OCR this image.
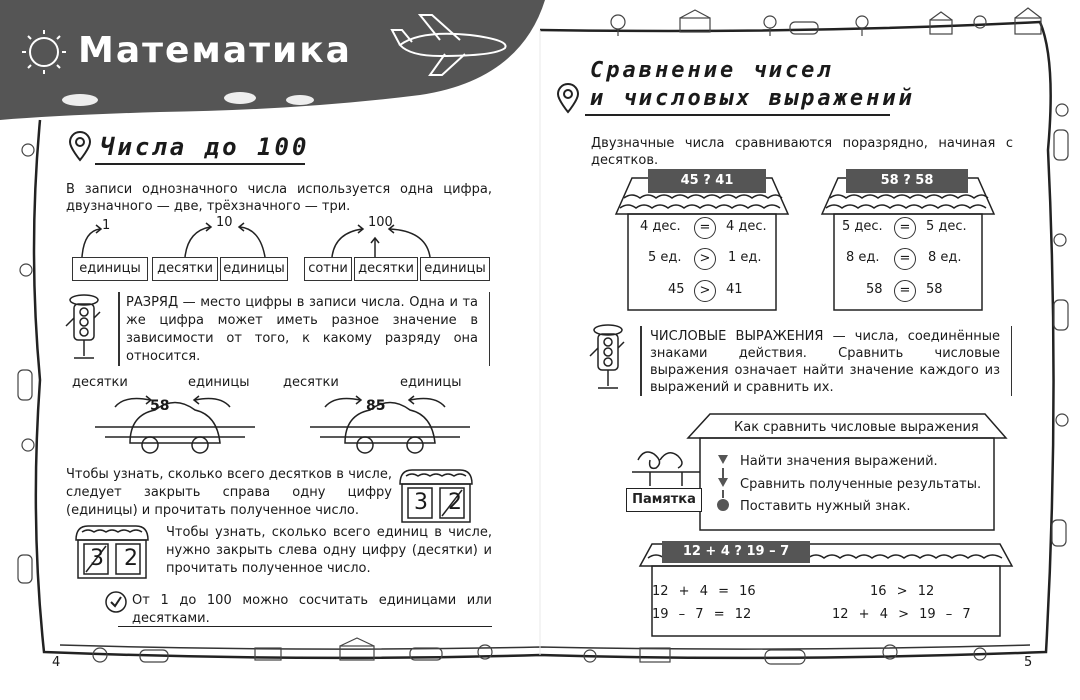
Математика
Числа до 100
В записи однозначного числа используется одна цифра, двузначного — две, трёхзначного — три.
1	10	100
единицы	десятки единицы	сотни десятки единицы
РАЗРЯД — место цифры в записи числа. Одна и та же цифра может иметь разное значение в зависимости от того, к какому разряду она относится.
десятки	единицы	десятки	единицы
58	85
Чтобы узнать, сколько всего десятков в числе, следует закрыть справа одну цифру (единицы) и прочитать полученное число.	3 2
3 2
Чтобы узнать, сколько всего единиц в числе, нужно закрыть слева одну цифру (десятки) и прочитать полученное число.
От 1 до 100 можно сосчитать единицами или десятками.
4
Сравнение чисел
и числовых выражений
Двузначные числа сравниваются поразрядно, начиная с десятков.
45 ? 41
4 дес.	=	4 дес.
5 ед.	>	1 ед.
45	>	41
58 ? 58
5 дес.	=	5 дес.
8 ед.	=	8 ед.
58	=	58
ЧИСЛОВЫЕ ВЫРАЖЕНИЯ — числа, соединённые знаками действия. Сравнить числовые выражения означает найти значение каждого из выражений и сравнить их.
Как сравнить числовые выражения
Памятка
Найти значения выражений.
Сравнить полученные результаты.
Поставить нужный знак.
12 + 4 ? 19 – 7
12 + 4 = 16
19 – 7 = 12
16 > 12
12 + 4 > 19 – 7
5
